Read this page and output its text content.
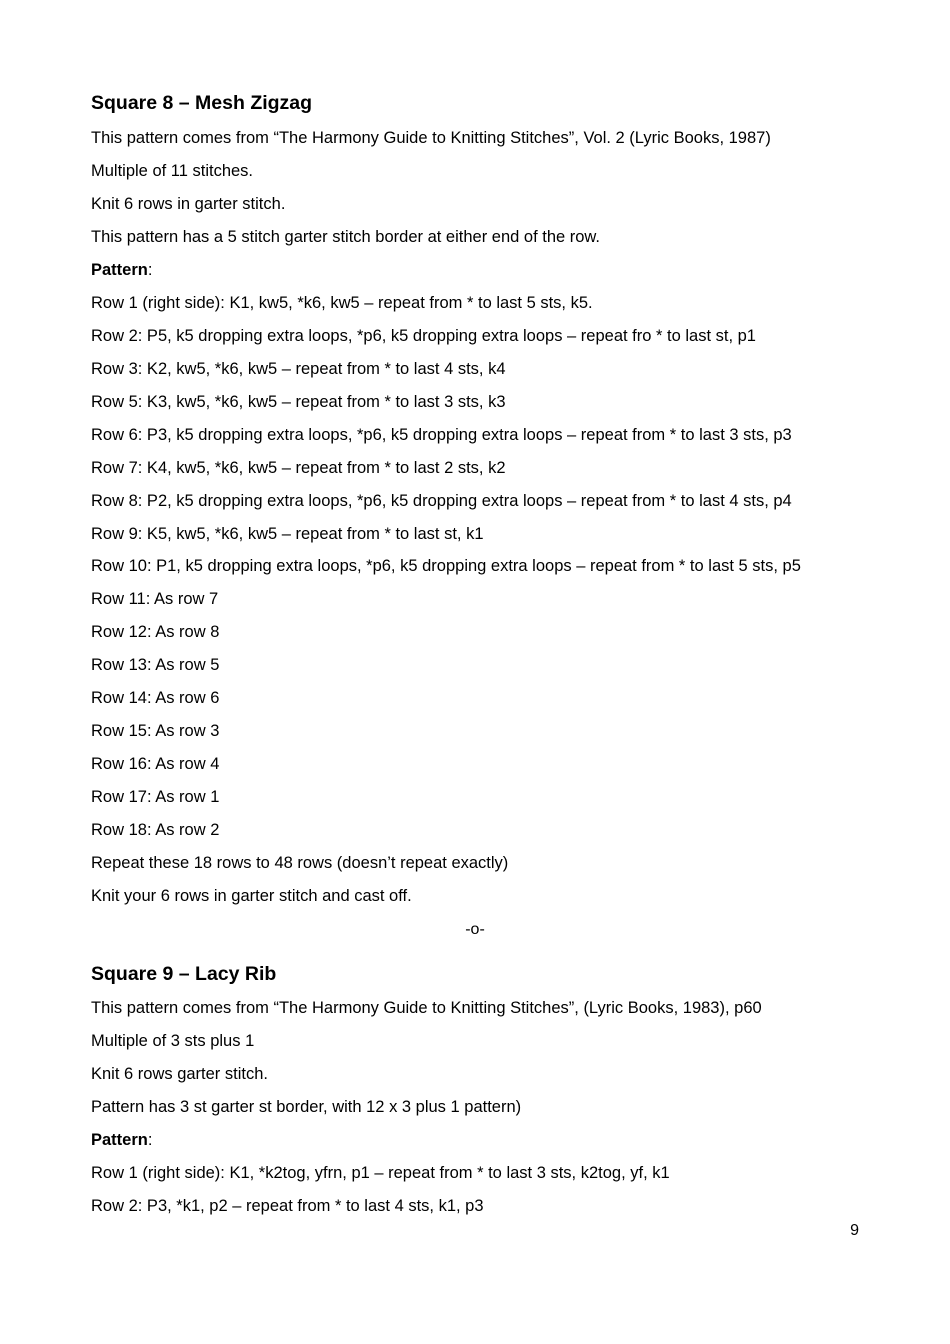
Square 8 – Mesh Zigzag
This pattern comes from “The Harmony Guide to Knitting Stitches”, Vol. 2 (Lyric Books, 1987)
Multiple of 11 stitches.
Knit 6 rows in garter stitch.
This pattern has a 5 stitch garter stitch border at either end of the row.
Pattern:
Row 1 (right side): K1, kw5, *k6, kw5 – repeat from * to last 5 sts, k5.
Row 2: P5, k5 dropping extra loops, *p6, k5 dropping extra loops – repeat fro * to last st, p1
Row 3: K2, kw5, *k6, kw5 – repeat from * to last 4 sts, k4
Row 5: K3, kw5, *k6, kw5 – repeat from * to last 3 sts, k3
Row 6: P3, k5 dropping extra loops, *p6, k5 dropping extra loops – repeat from * to last 3 sts, p3
Row 7: K4, kw5, *k6, kw5 – repeat from * to last 2 sts, k2
Row 8: P2, k5 dropping extra loops, *p6, k5 dropping extra loops – repeat from * to last 4 sts, p4
Row 9: K5, kw5, *k6, kw5 – repeat from * to last st, k1
Row 10: P1, k5 dropping extra loops, *p6, k5 dropping extra loops – repeat from * to last 5 sts, p5
Row 11: As row 7
Row 12: As row 8
Row 13: As row 5
Row 14: As row 6
Row 15: As row 3
Row 16: As row 4
Row 17: As row 1
Row 18: As row 2
Repeat these 18 rows to 48 rows (doesn’t repeat exactly)
Knit your 6 rows in garter stitch and cast off.
-o-
Square 9 – Lacy Rib
This pattern comes from “The Harmony Guide to Knitting Stitches”, (Lyric Books, 1983), p60
Multiple of 3 sts plus 1
Knit 6 rows garter stitch.
Pattern has 3 st garter st border, with 12 x 3 plus 1 pattern)
Pattern:
Row 1 (right side): K1, *k2tog, yfrn, p1 – repeat from * to last 3 sts, k2tog, yf, k1
Row 2: P3, *k1, p2 – repeat from * to last 4 sts, k1, p3
9
